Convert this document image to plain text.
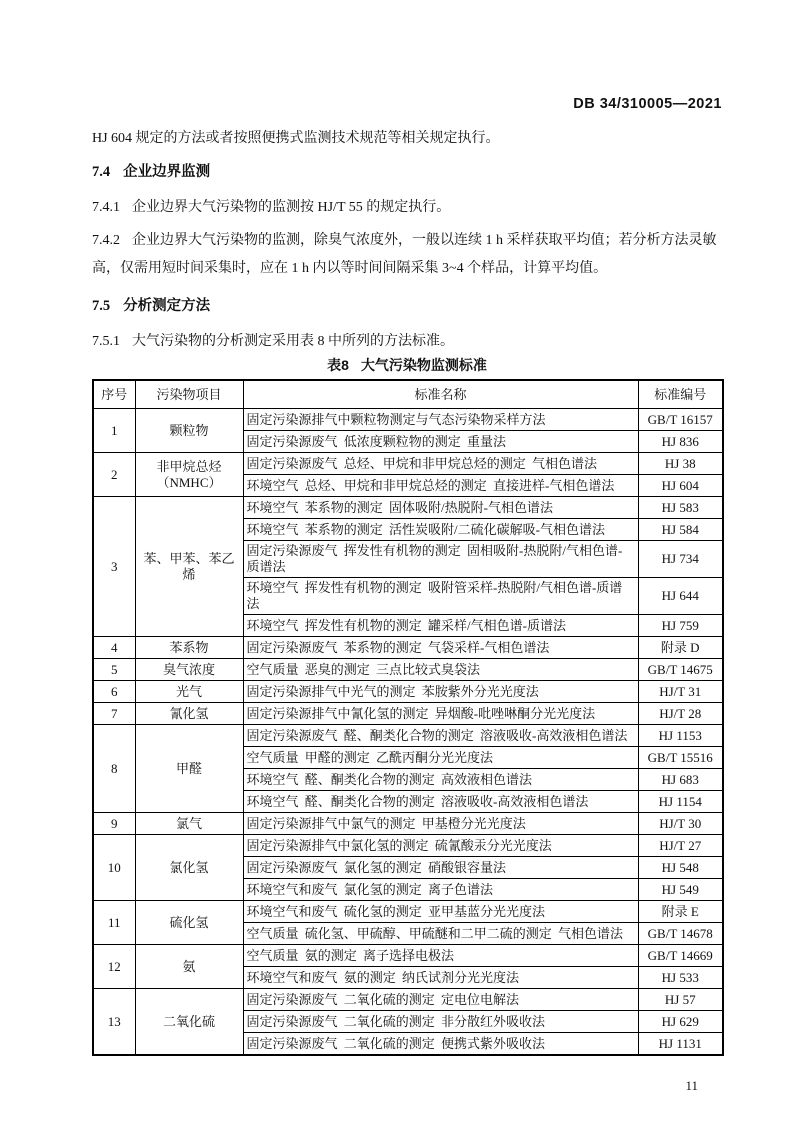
DB 34/310005—2021

HJ 604 规定的方法或者按照便携式监测技术规范等相关规定执行。

7.4 企业边界监测

7.4.1 企业边界大气污染物的监测按 HJ/T 55 的规定执行。

7.4.2 企业边界大气污染物的监测，除臭气浓度外，一般以连续 1 h 采样获取平均值；若分析方法灵敏
高，仅需用短时间采集时，应在 1 h 内以等时间间隔采集 3~4 个样品，计算平均值。
7.5 分析测定方法

7.5.1 大气污染物的分析测定采用表 8 中所列的方法标准。

表8 大气污染物监测标准
序号	污染物项目	标准名称	标准编号
1	颗粒物	固定污染源排气中颗粒物测定与气态污染物采样方法	GB/T 16157
		固定污染源废气 低浓度颗粒物的测定 重量法	HJ 836
2	非甲烷总烃 （NMHC）	固定污染源废气 总烃、甲烷和非甲烷总烃的测定 气相色谱法	HJ 38
		环境空气 总烃、甲烷和非甲烷总烃的测定 直接进样-气相色谱法	HJ 604
3	苯、甲苯、苯乙烯	环境空气 苯系物的测定 固体吸附/热脱附-气相色谱法	HJ 583
		环境空气 苯系物的测定 活性炭吸附/二硫化碳解吸-气相色谱法	HJ 584
		固定污染源废气 挥发性有机物的测定 固相吸附-热脱附/气相色谱-质谱法	HJ 734
		环境空气 挥发性有机物的测定 吸附管采样-热脱附/气相色谱-质谱法	HJ 644
		环境空气 挥发性有机物的测定 罐采样/气相色谱-质谱法	HJ 759
4	苯系物	固定污染源废气 苯系物的测定 气袋采样-气相色谱法	附录 D
5	臭气浓度	空气质量 恶臭的测定 三点比较式臭袋法	GB/T 14675
6	光气	固定污染源排气中光气的测定 苯胺紫外分光光度法	HJ/T 31
7	氰化氢	固定污染源排气中氰化氢的测定 异烟酸-吡唑啉酮分光光度法	HJ/T 28
8	甲醛	固定污染源废气 醛、酮类化合物的测定 溶液吸收-高效液相色谱法	HJ 1153
		空气质量 甲醛的测定 乙酰丙酮分光光度法	GB/T 15516
		环境空气 醛、酮类化合物的测定 高效液相色谱法	HJ 683
		环境空气 醛、酮类化合物的测定 溶液吸收-高效液相色谱法	HJ 1154
9	氯气	固定污染源排气中氯气的测定 甲基橙分光光度法	HJ/T 30
10	氯化氢	固定污染源排气中氯化氢的测定 硫氰酸汞分光光度法	HJ/T 27
		固定污染源废气 氯化氢的测定 硝酸银容量法	HJ 548
		环境空气和废气 氯化氢的测定 离子色谱法	HJ 549
11	硫化氢	环境空气和废气 硫化氢的测定 亚甲基蓝分光光度法	附录 E
		空气质量 硫化氢、甲硫醇、甲硫醚和二甲二硫的测定 气相色谱法	GB/T 14678
12	氨	空气质量 氨的测定 离子选择电极法	GB/T 14669
		环境空气和废气 氨的测定 纳氏试剂分光光度法	HJ 533
13	二氧化硫	固定污染源废气 二氧化硫的测定 定电位电解法	HJ 57
		固定污染源废气 二氧化硫的测定 非分散红外吸收法	HJ 629
		固定污染源废气 二氧化硫的测定 便携式紫外吸收法	HJ 1131
11
